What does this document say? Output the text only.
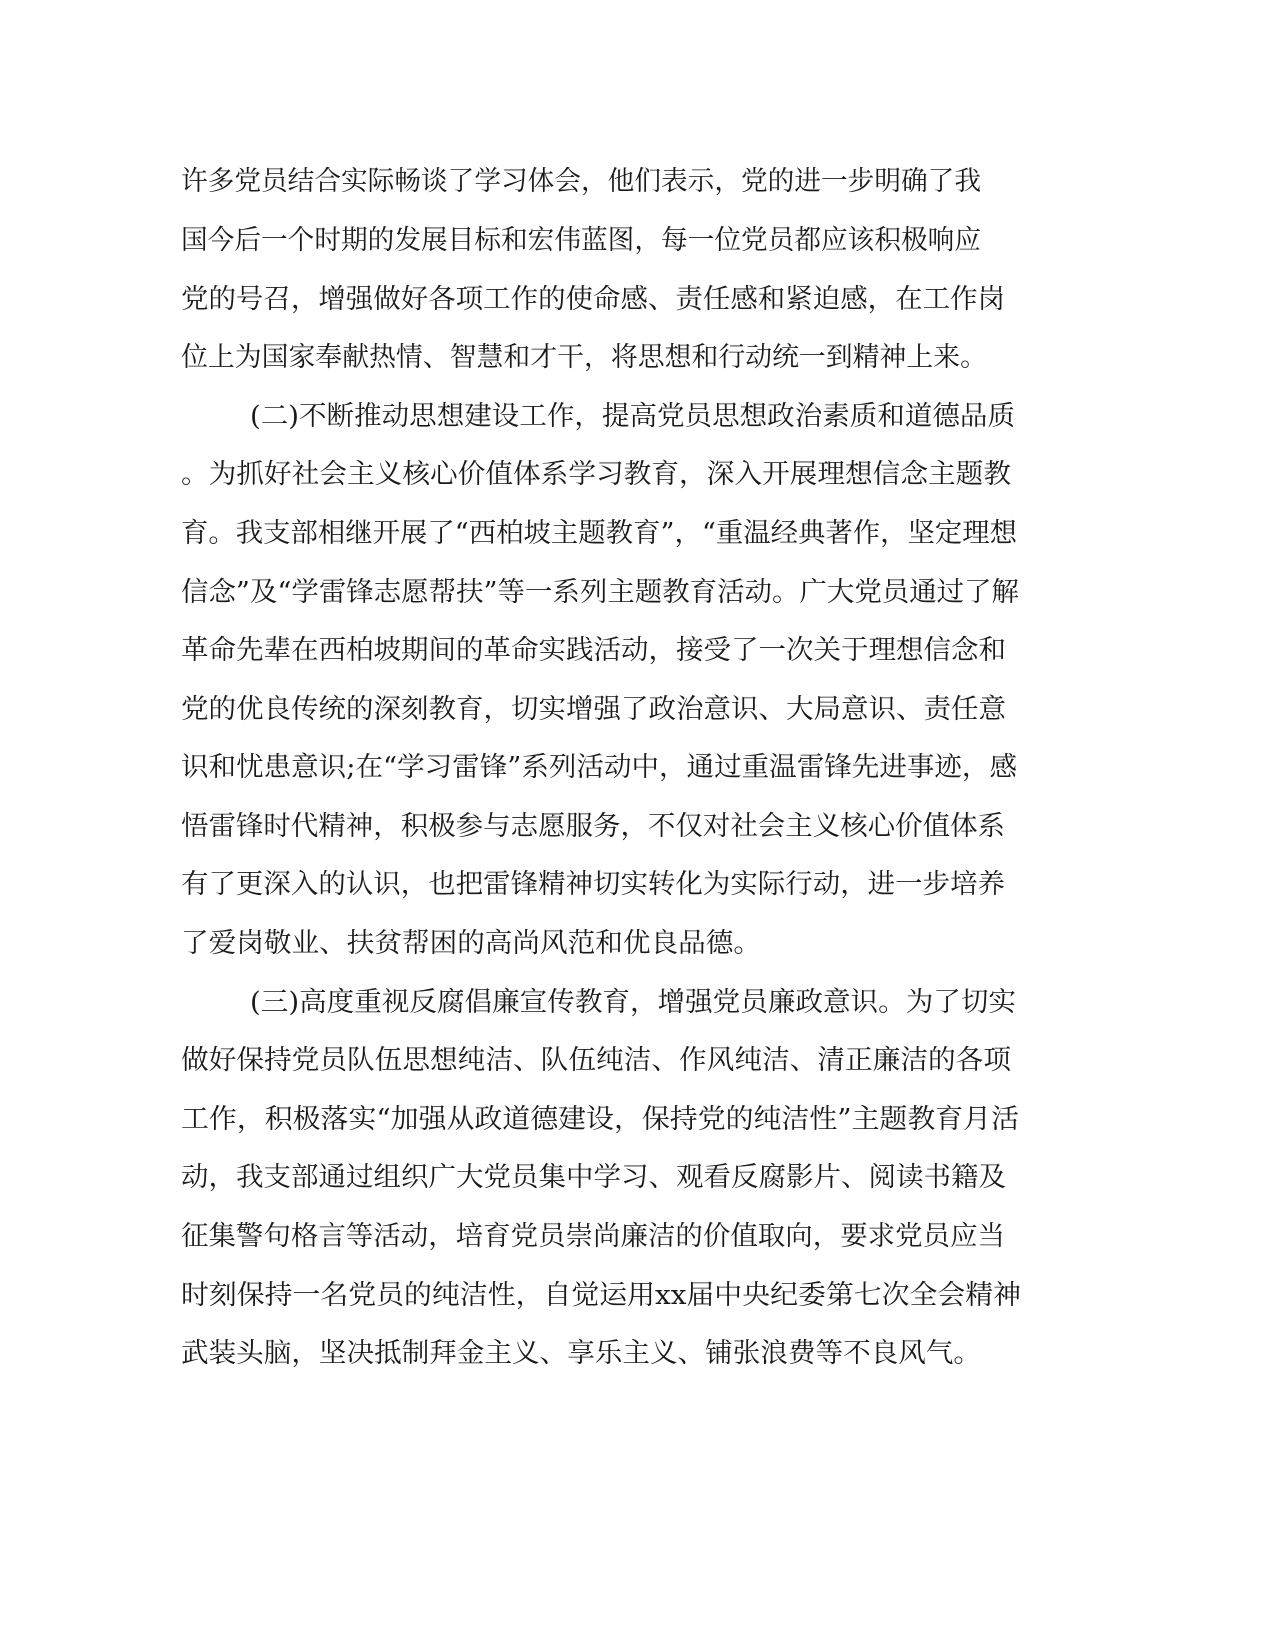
许多党员结合实际畅谈了学习体会，他们表示，党的进一步明确了我
国今后一个时期的发展目标和宏伟蓝图，每一位党员都应该积极响应
党的号召，增强做好各项工作的使命感、责任感和紧迫感，在工作岗
位上为国家奉献热情、智慧和才干，将思想和行动统一到精神上来。
(二)不断推动思想建设工作，提高党员思想政治素质和道德品质
。为抓好社会主义核心价值体系学习教育，深入开展理想信念主题教
育。我支部相继开展了“西柏坡主题教育”，“重温经典著作，坚定理想
信念”及“学雷锋志愿帮扶”等一系列主题教育活动。广大党员通过了解
革命先辈在西柏坡期间的革命实践活动，接受了一次关于理想信念和
党的优良传统的深刻教育，切实增强了政治意识、大局意识、责任意
识和忧患意识;在“学习雷锋”系列活动中，通过重温雷锋先进事迹，感
悟雷锋时代精神，积极参与志愿服务，不仅对社会主义核心价值体系
有了更深入的认识，也把雷锋精神切实转化为实际行动，进一步培养
了爱岗敬业、扶贫帮困的高尚风范和优良品德。
(三)高度重视反腐倡廉宣传教育，增强党员廉政意识。为了切实
做好保持党员队伍思想纯洁、队伍纯洁、作风纯洁、清正廉洁的各项
工作，积极落实“加强从政道德建设，保持党的纯洁性”主题教育月活
动，我支部通过组织广大党员集中学习、观看反腐影片、阅读书籍及
征集警句格言等活动，培育党员崇尚廉洁的价值取向，要求党员应当
时刻保持一名党员的纯洁性，自觉运用xx届中央纪委第七次全会精神
武装头脑，坚决抵制拜金主义、享乐主义、铺张浪费等不良风气。
